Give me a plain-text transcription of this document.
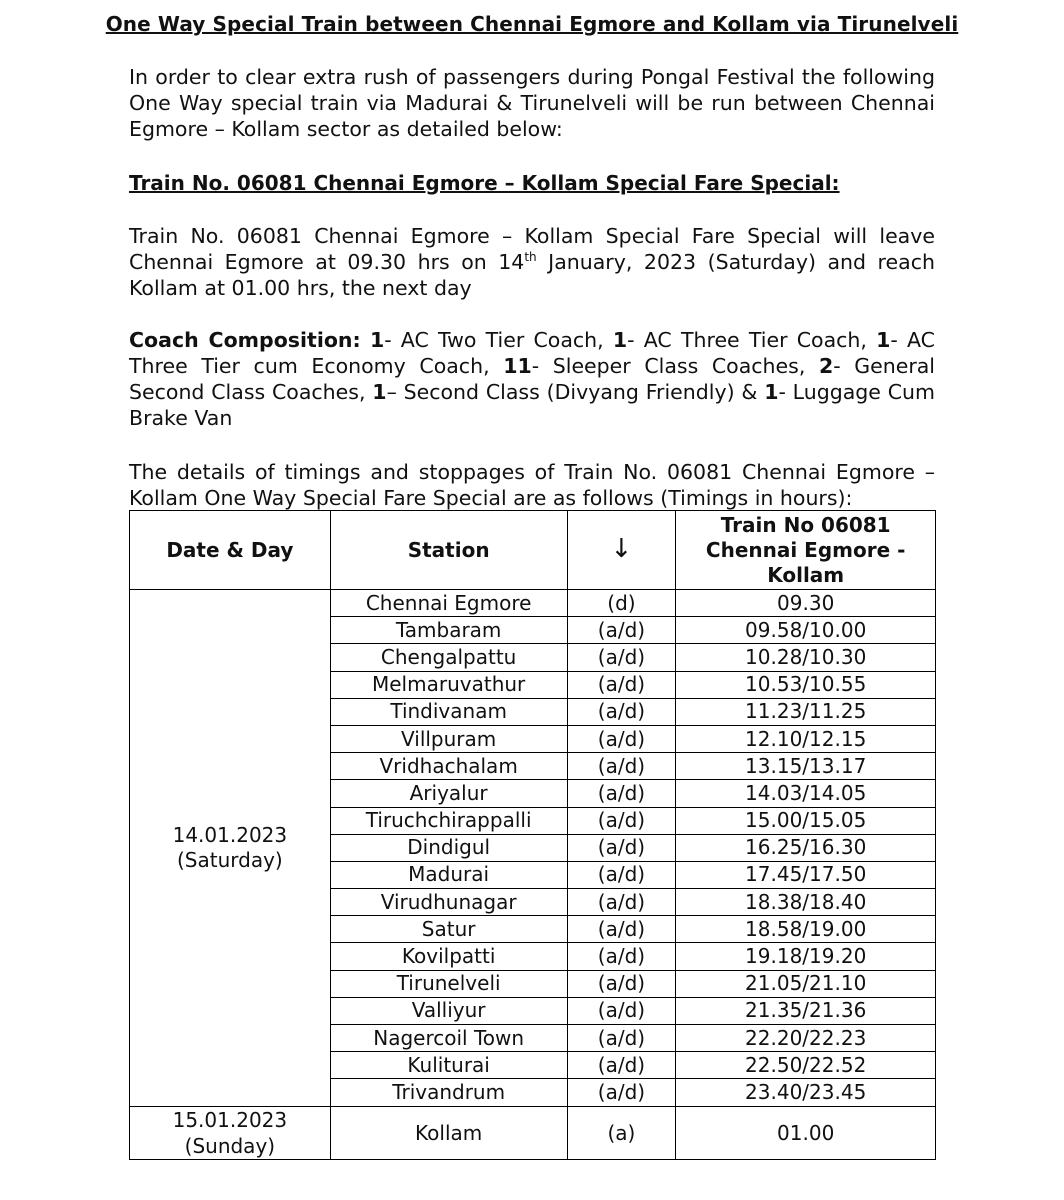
One Way Special Train between Chennai Egmore and Kollam via Tirunelveli

In order to clear extra rush of passengers during Pongal Festival the following One Way special train via Madurai & Tirunelveli will be run between Chennai Egmore – Kollam sector as detailed below:

Train No. 06081 Chennai Egmore – Kollam Special Fare Special:

Train No. 06081 Chennai Egmore – Kollam Special Fare Special will leave Chennai Egmore at 09.30 hrs on 14th January, 2023 (Saturday) and reach Kollam at 01.00 hrs, the next day

Coach Composition: 1- AC Two Tier Coach, 1- AC Three Tier Coach, 1- AC Three Tier cum Economy Coach, 11- Sleeper Class Coaches, 2- General Second Class Coaches, 1– Second Class (Divyang Friendly) & 1- Luggage Cum Brake Van

The details of timings and stoppages of Train No. 06081 Chennai Egmore – Kollam One Way Special Fare Special are as follows (Timings in hours):

Date & Day	Station	↓	Train No 06081 Chennai Egmore - Kollam

14.01.2023
(Saturday)	Chennai Egmore	(d)	09.30
	Tambaram	(a/d)	09.58/10.00
	Chengalpattu	(a/d)	10.28/10.30
	Melmaruvathur	(a/d)	10.53/10.55
	Tindivanam	(a/d)	11.23/11.25
	Villpuram	(a/d)	12.10/12.15
	Vridhachalam	(a/d)	13.15/13.17
	Ariyalur	(a/d)	14.03/14.05
	Tiruchchirappalli	(a/d)	15.00/15.05
	Dindigul	(a/d)	16.25/16.30
	Madurai	(a/d)	17.45/17.50
	Virudhunagar	(a/d)	18.38/18.40
	Satur	(a/d)	18.58/19.00
	Kovilpatti	(a/d)	19.18/19.20
	Tirunelveli	(a/d)	21.05/21.10
	Valliyur	(a/d)	21.35/21.36
	Nagercoil Town	(a/d)	22.20/22.23
	Kuliturai	(a/d)	22.50/22.52
	Trivandrum	(a/d)	23.40/23.45

15.01.2023
(Sunday)	Kollam	(a)	01.00
